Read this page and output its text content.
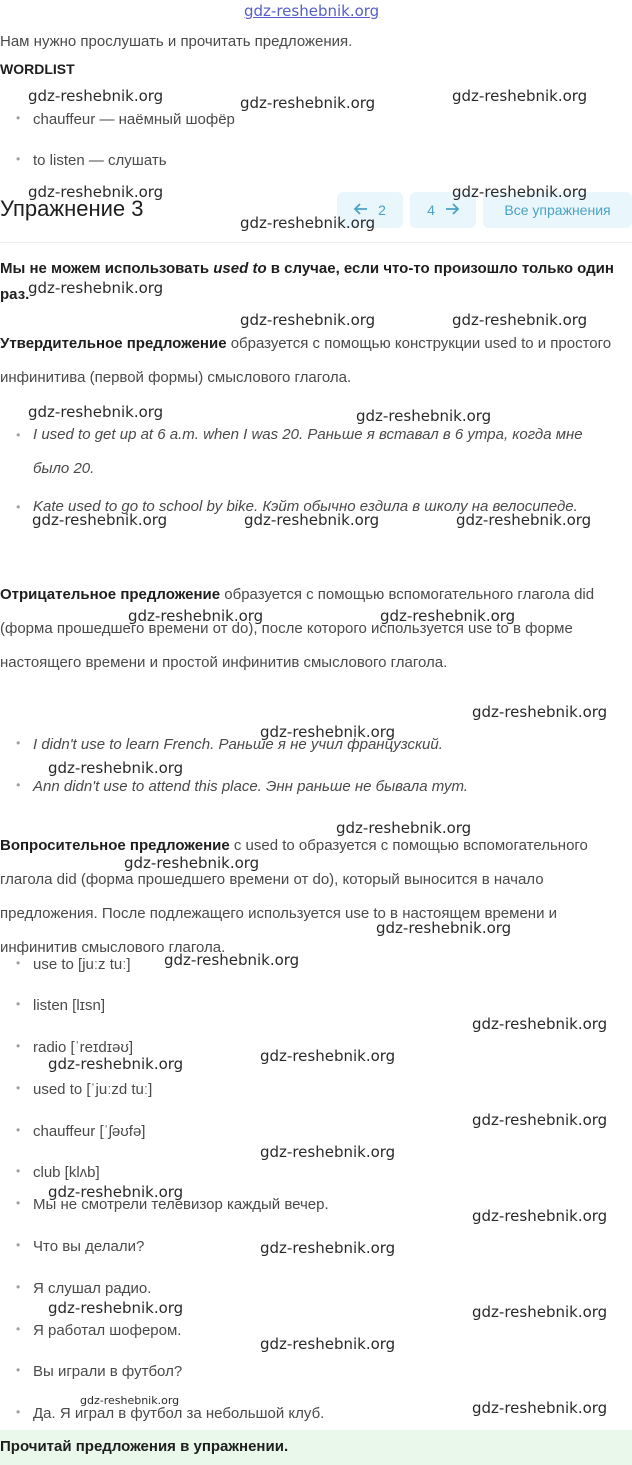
gdz-reshebnik.org
Нам нужно прослушать и прочитать предложения.
WORDLIST
• chauffeur — наёмный шофёр
• to listen — слушать
Упражнение 3	2	4	Все упражнения
Мы не можем использовать used to в случае, если что-то произошло только один раз.
Утвердительное предложение образуется с помощью конструкции used to и простого инфинитива (первой формы) смыслового глагола.
• I used to get up at 6 a.m. when I was 20. Раньше я вставал в 6 утра, когда мне было 20.
• Kate used to go to school by bike. Кэйт обычно ездила в школу на велосипеде.
Отрицательное предложение образуется с помощью вспомогательного глагола did (форма прошедшего времени от do), после которого используется use to в форме настоящего времени и простой инфинитив смыслового глагола.
• I didn't use to learn French. Раньше я не учил французский.
• Ann didn't use to attend this place. Энн раньше не бывала тут.
Вопросительное предложение с used to образуется с помощью вспомогательного глагола did (форма прошедшего времени от do), который выносится в начало предложения. После подлежащего используется use to в настоящем времени и инфинитив смыслового глагола.
• use to [juːz tuː]
• listen [lɪsn]
• radio [ˈreɪdɪəʊ]
• used to [ˈjuːzd tuː]
• chauffeur [ˈʃəʊfə]
• club [klʌb]
• Мы не смотрели телевизор каждый вечер.
• Что вы делали?
• Я слушал радио.
• Я работал шофером.
• Вы играли в футбол?
• Да. Я играл в футбол за небольшой клуб.
Прочитай предложения в упражнении.
gdz-reshebnik.org	gdz-reshebnik.org	gdz-reshebnik.org
gdz-reshebnik.org	gdz-reshebnik.org
gdz-reshebnik.org
gdz-reshebnik.org
gdz-reshebnik.org	gdz-reshebnik.org
gdz-reshebnik.org	gdz-reshebnik.org
gdz-reshebnik.org	gdz-reshebnik.org	gdz-reshebnik.org
gdz-reshebnik.org	gdz-reshebnik.org
gdz-reshebnik.org
gdz-reshebnik.org
gdz-reshebnik.org
gdz-reshebnik.org
gdz-reshebnik.org
gdz-reshebnik.org
gdz-reshebnik.org
gdz-reshebnik.org
gdz-reshebnik.org
gdz-reshebnik.org
gdz-reshebnik.org
gdz-reshebnik.org
gdz-reshebnik.org
gdz-reshebnik.org
gdz-reshebnik.org
gdz-reshebnik.org	gdz-reshebnik.org
gdz-reshebnik.org
gdz-reshebnik.org	gdz-reshebnik.org
